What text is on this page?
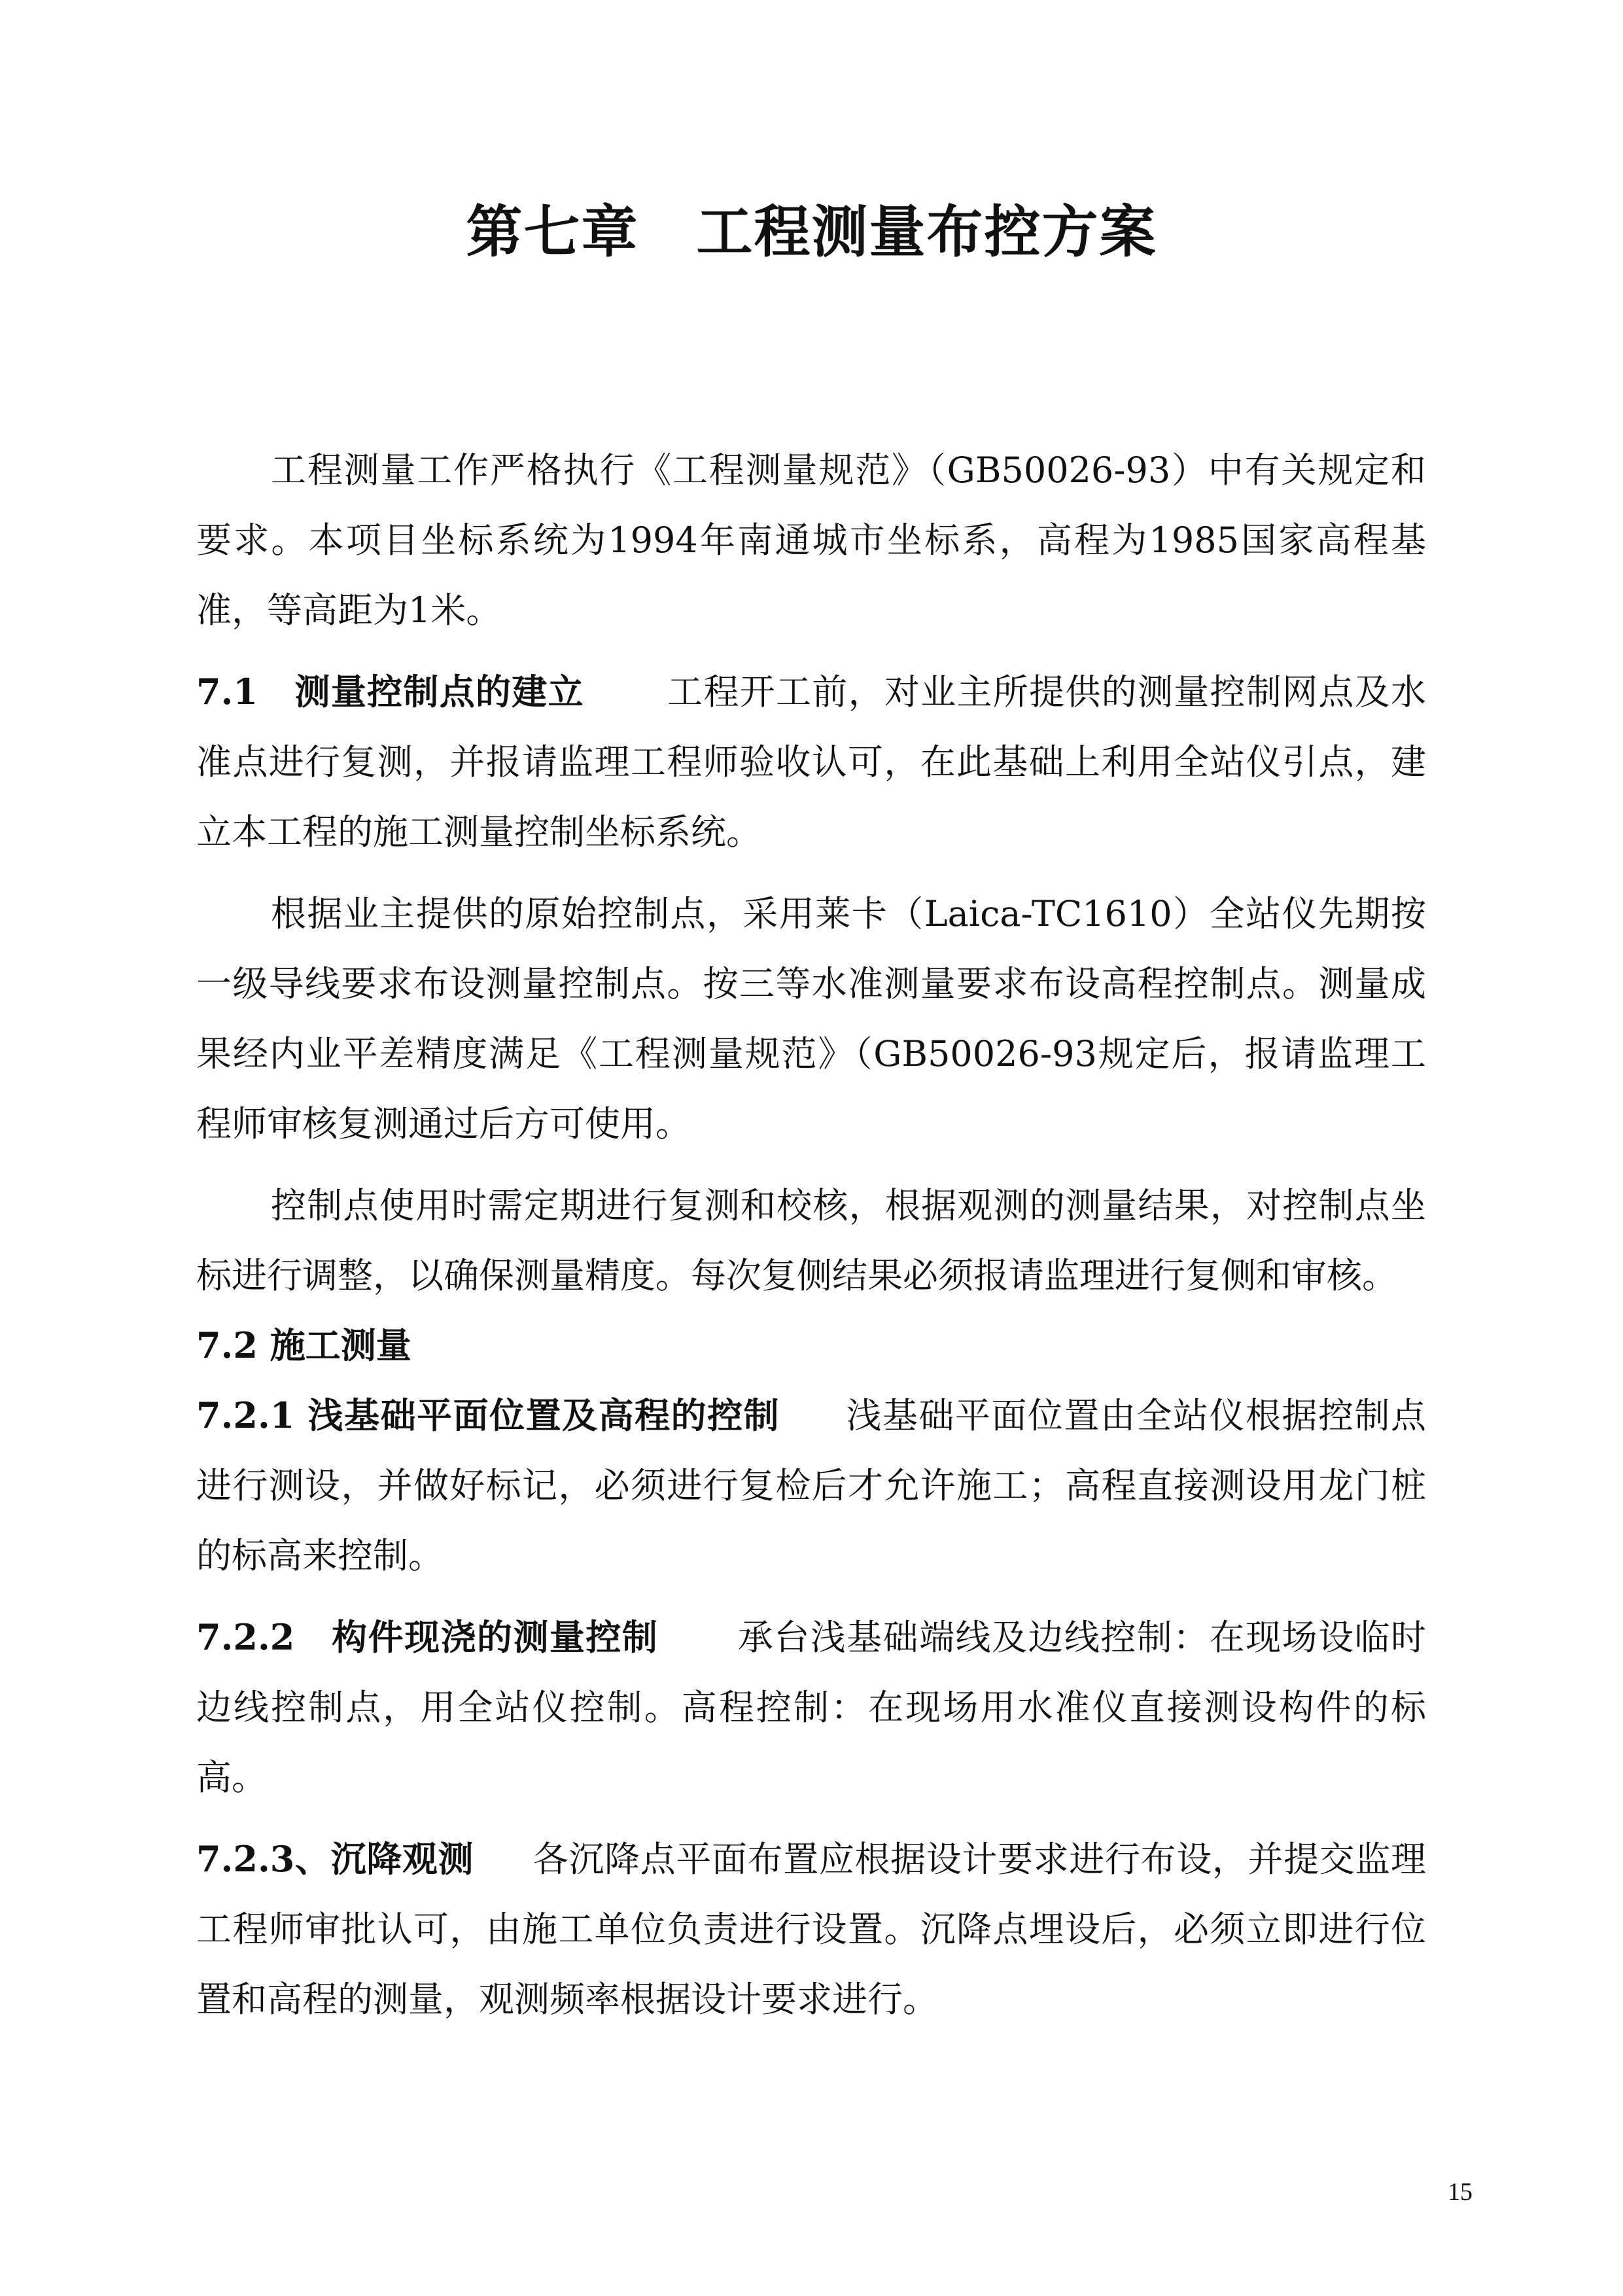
第七章　工程测量布控方案

工程测量工作严格执行《工程测量规范》（GB50026-93）中有关规定和要求。本项目坐标系统为1994年南通城市坐标系，高程为1985国家高程基准，等高距为1米。

7.1　测量控制点的建立 工程开工前，对业主所提供的测量控制网点及水准点进行复测，并报请监理工程师验收认可，在此基础上利用全站仪引点，建立本工程的施工测量控制坐标系统。

根据业主提供的原始控制点，采用莱卡（Laica-TC1610）全站仪先期按一级导线要求布设测量控制点。按三等水准测量要求布设高程控制点。测量成果经内业平差精度满足《工程测量规范》（GB50026-93规定后，报请监理工程师审核复测通过后方可使用。

控制点使用时需定期进行复测和校核，根据观测的测量结果，对控制点坐标进行调整，以确保测量精度。每次复侧结果必须报请监理进行复侧和审核。

7.2 施工测量

7.2.1 浅基础平面位置及高程的控制 浅基础平面位置由全站仪根据控制点进行测设，并做好标记，必须进行复检后才允许施工；高程直接测设用龙门桩的标高来控制。

7.2.2　构件现浇的测量控制 承台浅基础端线及边线控制：在现场设临时边线控制点，用全站仪控制。高程控制：在现场用水准仪直接测设构件的标高。

7.2.3、沉降观测 各沉降点平面布置应根据设计要求进行布设，并提交监理工程师审批认可，由施工单位负责进行设置。沉降点埋设后，必须立即进行位置和高程的测量，观测频率根据设计要求进行。

15
